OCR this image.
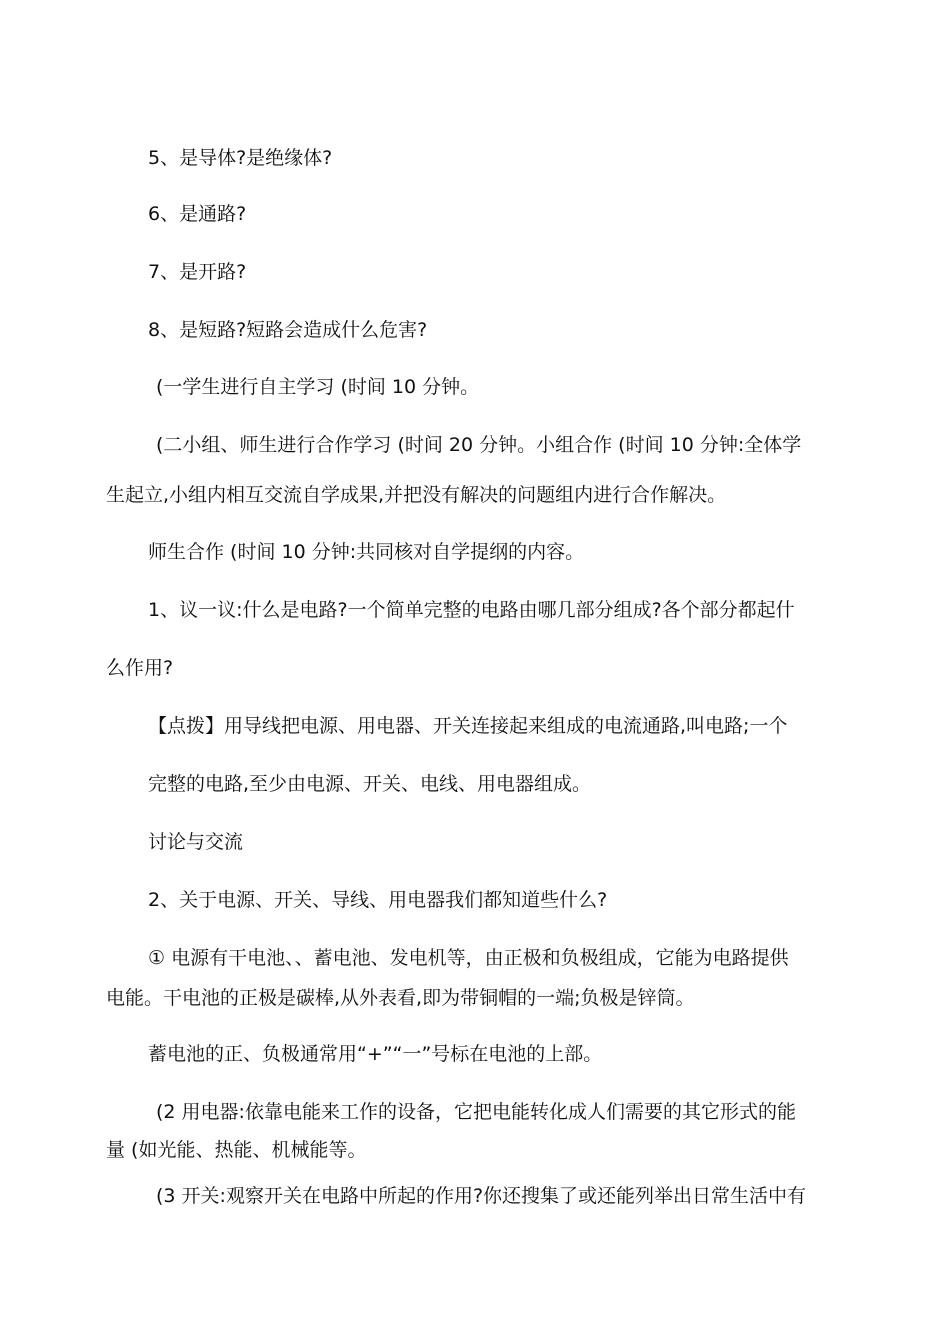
5、是导体?是绝缘体?
6、是通路?
7、是开路?
8、是短路?短路会造成什么危害?
(一学生进行自主学习 (时间 10 分钟。
(二小组、师生进行合作学习 (时间 20 分钟。小组合作 (时间 10 分钟:全体学
生起立,小组内相互交流自学成果,并把没有解决的问题组内进行合作解决。
师生合作 (时间 10 分钟:共同核对自学提纲的内容。
1、议一议:什么是电路?一个简单完整的电路由哪几部分组成?各个部分都起什
么作用?
【点拨】用导线把电源、用电器、开关连接起来组成的电流通路,叫电路;一个
完整的电路,至少由电源、开关、电线、用电器组成。
讨论与交流
2、关于电源、开关、导线、用电器我们都知道些什么?
① 电源有干电池、、蓄电池、发电机等，由正极和负极组成，它能为电路提供
电能。干电池的正极是碳棒,从外表看,即为带铜帽的一端;负极是锌筒。
蓄电池的正、负极通常用“+”“一”号标在电池的上部。
(2 用电器:依靠电能来工作的设备，它把电能转化成人们需要的其它形式的能
量 (如光能、热能、机械能等。
(3 开关:观察开关在电路中所起的作用?你还搜集了或还能列举出日常生活中有
